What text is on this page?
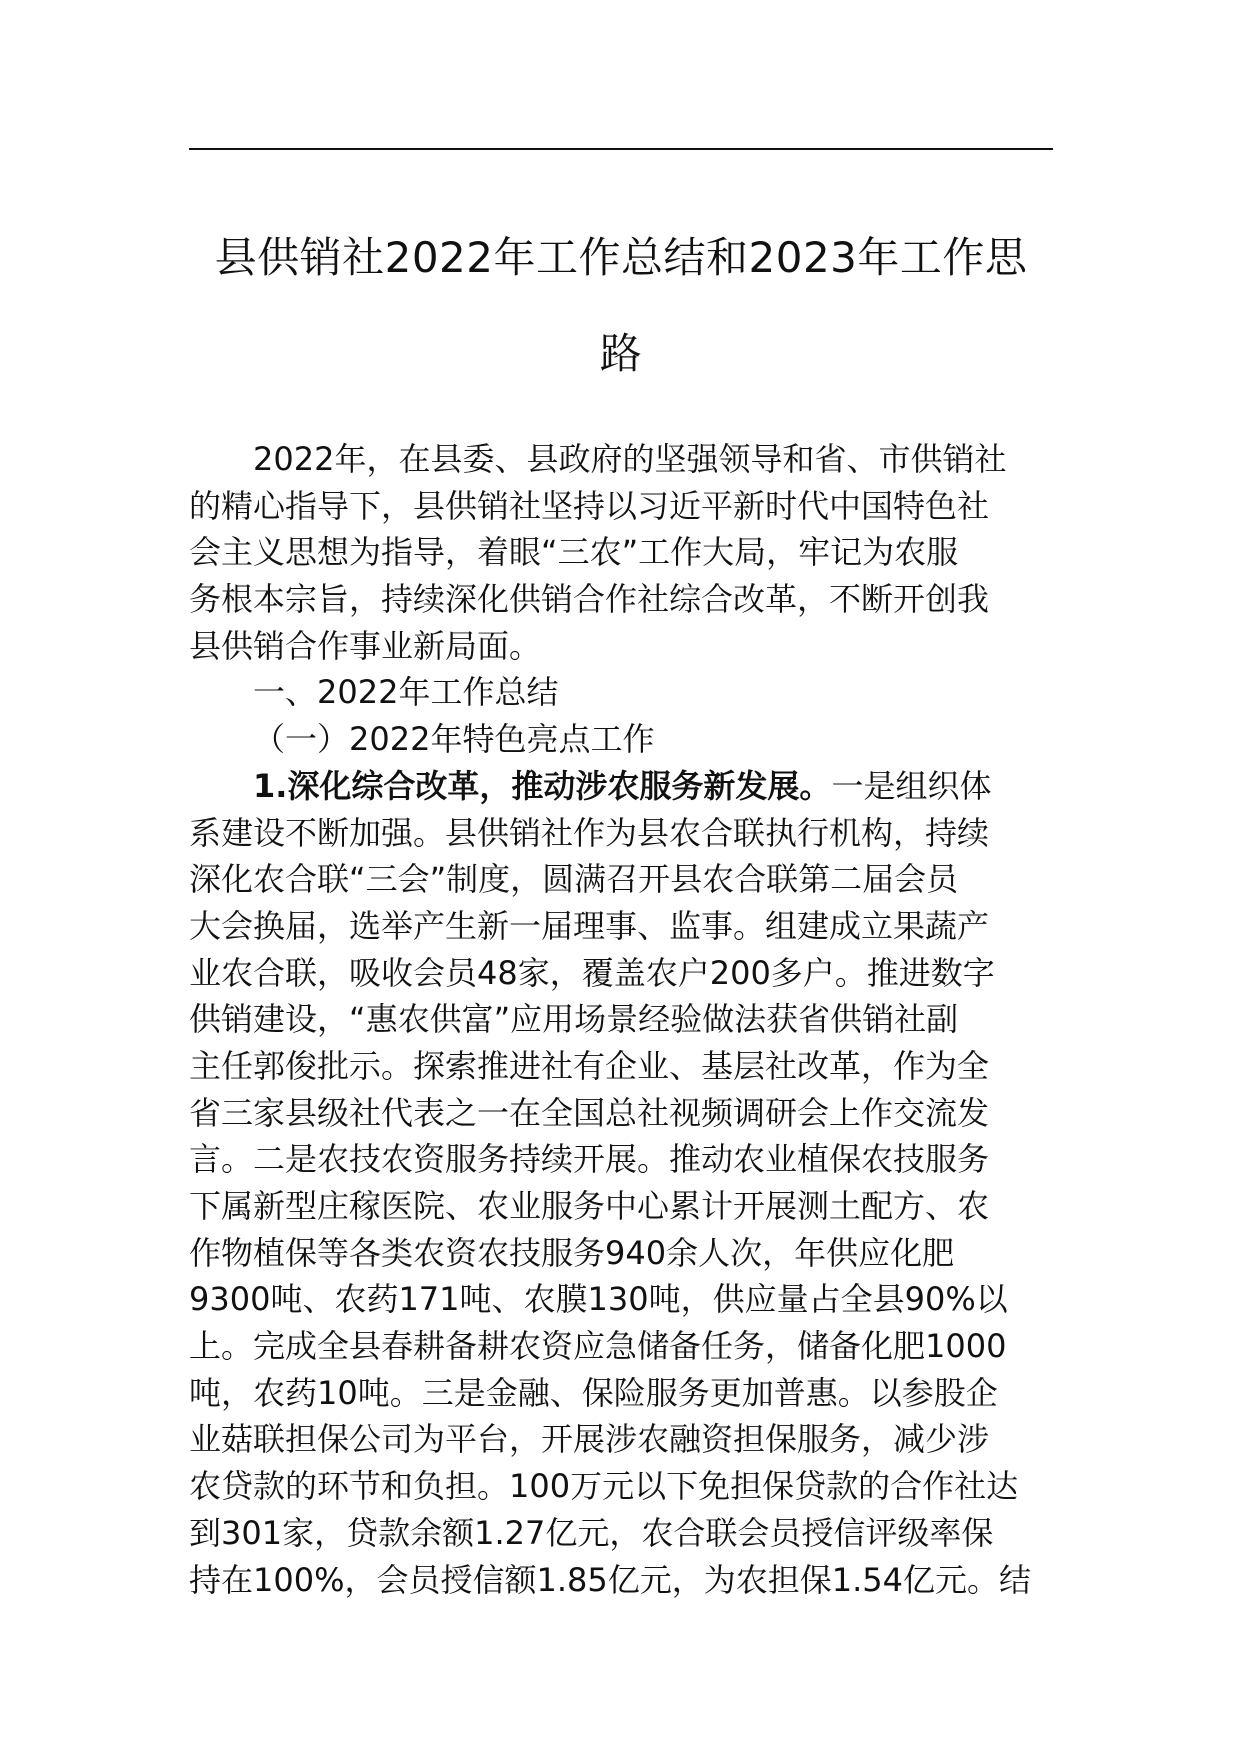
县供销社2022年工作总结和2023年工作思
路
2022年，在县委、县政府的坚强领导和省、市供销社
的精心指导下，县供销社坚持以习近平新时代中国特色社
会主义思想为指导，着眼“三农”工作大局，牢记为农服
务根本宗旨，持续深化供销合作社综合改革，不断开创我
县供销合作事业新局面。
一、2022年工作总结
（一）2022年特色亮点工作
1.深化综合改革，推动涉农服务新发展。一是组织体
系建设不断加强。县供销社作为县农合联执行机构，持续
深化农合联“三会”制度，圆满召开县农合联第二届会员
大会换届，选举产生新一届理事、监事。组建成立果蔬产
业农合联，吸收会员48家，覆盖农户200多户。推进数字
供销建设，“惠农供富”应用场景经验做法获省供销社副
主任郭俊批示。探索推进社有企业、基层社改革，作为全
省三家县级社代表之一在全国总社视频调研会上作交流发
言。二是农技农资服务持续开展。推动农业植保农技服务
下属新型庄稼医院、农业服务中心累计开展测土配方、农
作物植保等各类农资农技服务940余人次，年供应化肥
9300吨、农药171吨、农膜130吨，供应量占全县90%以
上。完成全县春耕备耕农资应急储备任务，储备化肥1000
吨，农药10吨。三是金融、保险服务更加普惠。以参股企
业菇联担保公司为平台，开展涉农融资担保服务，减少涉
农贷款的环节和负担。100万元以下免担保贷款的合作社达
到301家，贷款余额1.27亿元，农合联会员授信评级率保
持在100%，会员授信额1.85亿元，为农担保1.54亿元。结
